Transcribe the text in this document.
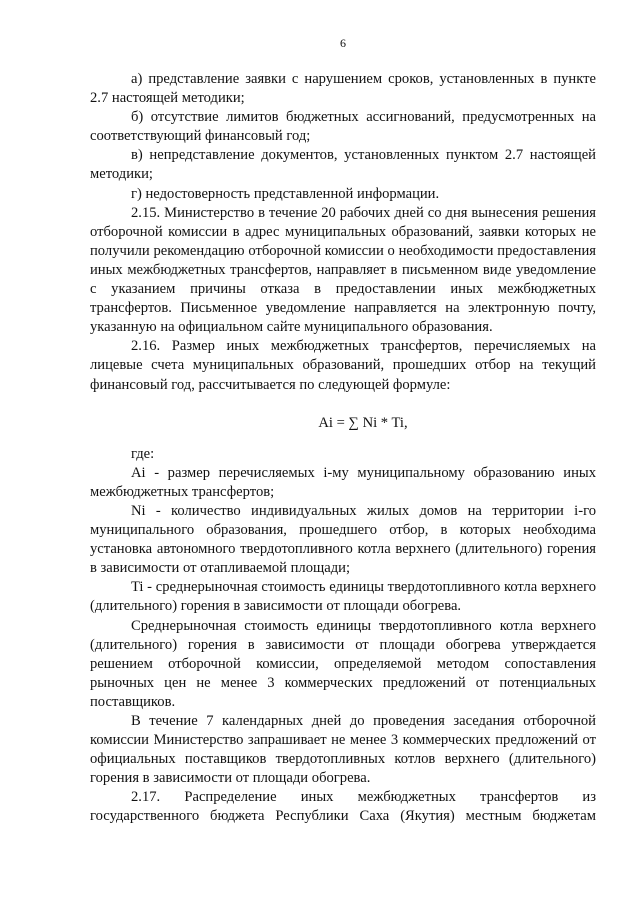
6

а) представление заявки с нарушением сроков, установленных в пункте 2.7 настоящей методики;

б) отсутствие лимитов бюджетных ассигнований, предусмотренных на соответствующий финансовый год;

в) непредставление документов, установленных пунктом 2.7 настоящей методики;

г) недостоверность представленной информации.

2.15. Министерство в течение 20 рабочих дней со дня вынесения решения отборочной комиссии в адрес муниципальных образований, заявки которых не получили рекомендацию отборочной комиссии о необходимости предоставления иных межбюджетных трансфертов, направляет в письменном виде уведомление с указанием причины отказа в предоставлении иных межбюджетных трансфертов. Письменное уведомление направляется на электронную почту, указанную на официальном сайте муниципального образования.

2.16. Размер иных межбюджетных трансфертов, перечисляемых на лицевые счета муниципальных образований, прошедших отбор на текущий финансовый год, рассчитывается по следующей формуле:

Ai = ∑ Ni * Ti,

где:

Ai - размер перечисляемых i-му муниципальному образованию иных межбюджетных трансфертов;

Ni - количество индивидуальных жилых домов на территории i-го муниципального образования, прошедшего отбор, в которых необходима установка автономного твердотопливного котла верхнего (длительного) горения в зависимости от отапливаемой площади;

Ti - среднерыночная стоимость единицы твердотопливного котла верхнего (длительного) горения в зависимости от площади обогрева.

Среднерыночная стоимость единицы твердотопливного котла верхнего (длительного) горения в зависимости от площади обогрева утверждается решением отборочной комиссии, определяемой методом сопоставления рыночных цен не менее 3 коммерческих предложений от потенциальных поставщиков.

В течение 7 календарных дней до проведения заседания отборочной комиссии Министерство запрашивает не менее 3 коммерческих предложений от официальных поставщиков твердотопливных котлов верхнего (длительного) горения в зависимости от площади обогрева.

2.17. Распределение иных межбюджетных трансфертов из государственного бюджета Республики Саха (Якутия) местным бюджетам
